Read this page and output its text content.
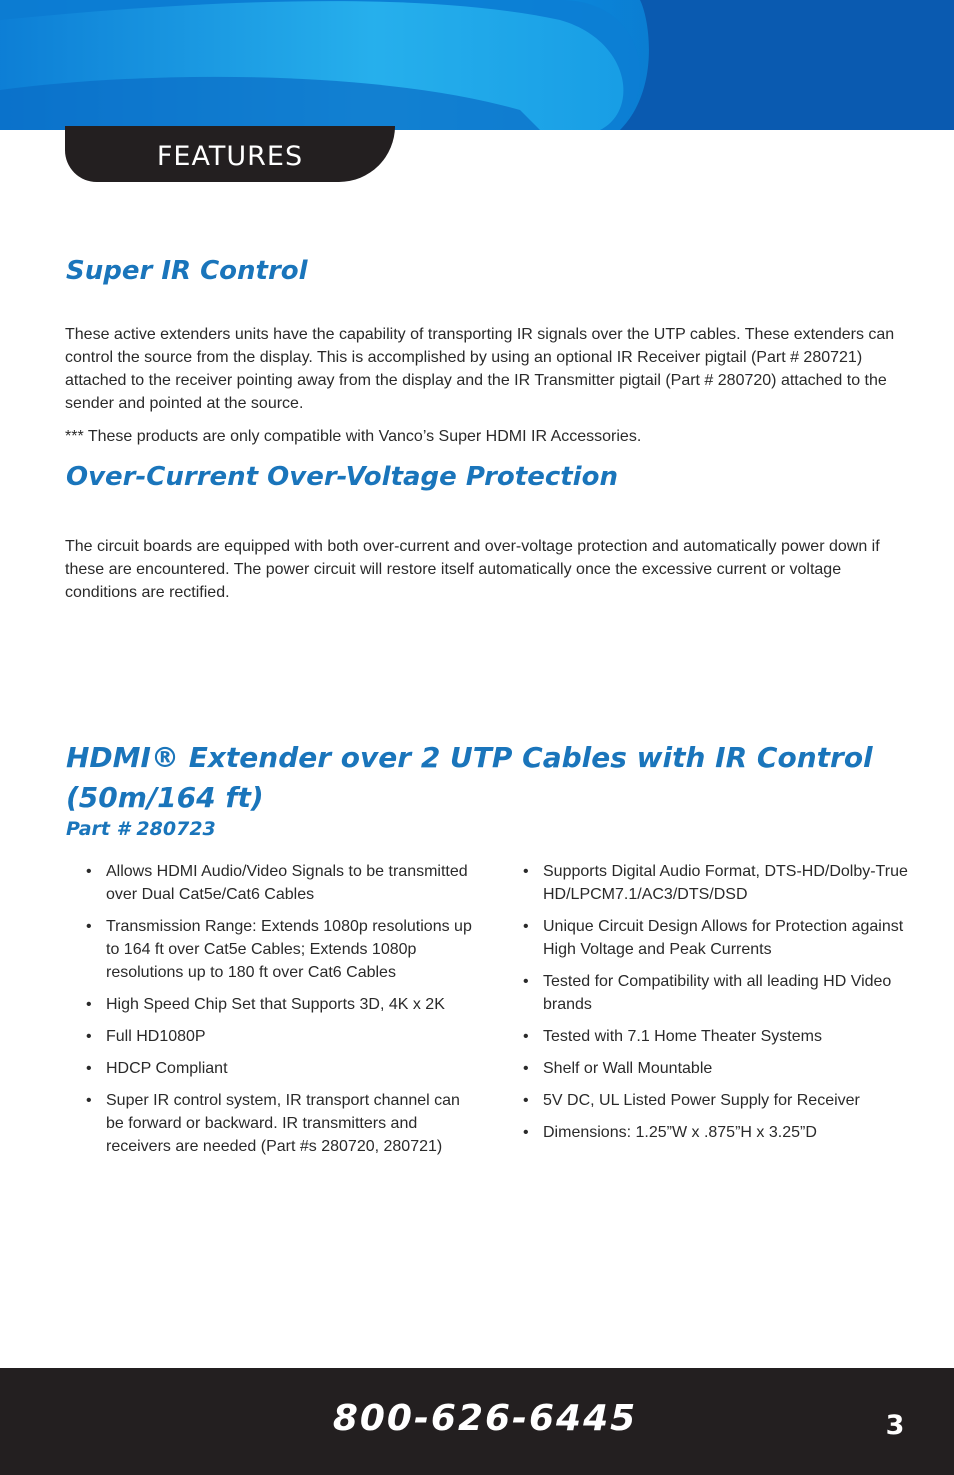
FEATURES
Super IR Control

These active extenders units have the capability of transporting IR signals over the UTP cables. These extenders can control the source from the display. This is accomplished by using an optional IR Receiver pigtail (Part # 280721) attached to the receiver pointing away from the display and the IR Transmitter pigtail (Part # 280720) attached to the sender and pointed at the source.

*** These products are only compatible with Vanco’s Super HDMI IR Accessories.

Over-Current Over-Voltage Protection

The circuit boards are equipped with both over-current and over-voltage protection and automatically power down if these are encountered. The power circuit will restore itself automatically once the excessive current or voltage conditions are rectified.

HDMI® Extender over 2 UTP Cables with IR Control (50m/164 ft)
Part # 280723
• Allows HDMI Audio/Video Signals to be transmitted over Dual Cat5e/Cat6 Cables
• Transmission Range: Extends 1080p resolutions up to 164 ft over Cat5e Cables; Extends 1080p resolutions up to 180 ft over Cat6 Cables
• High Speed Chip Set that Supports 3D, 4K x 2K
• Full HD1080P
• HDCP Compliant
• Super IR control system, IR transport channel can be forward or backward. IR transmitters and receivers are needed (Part #s 280720, 280721)
• Supports Digital Audio Format, DTS-HD/Dolby-True HD/LPCM7.1/AC3/DTS/DSD
• Unique Circuit Design Allows for Protection against High Voltage and Peak Currents
• Tested for Compatibility with all leading HD Video brands
• Tested with 7.1 Home Theater Systems
• Shelf or Wall Mountable
• 5V DC, UL Listed Power Supply for Receiver
• Dimensions: 1.25”W x .875”H x 3.25”D
800-626-6445	3
